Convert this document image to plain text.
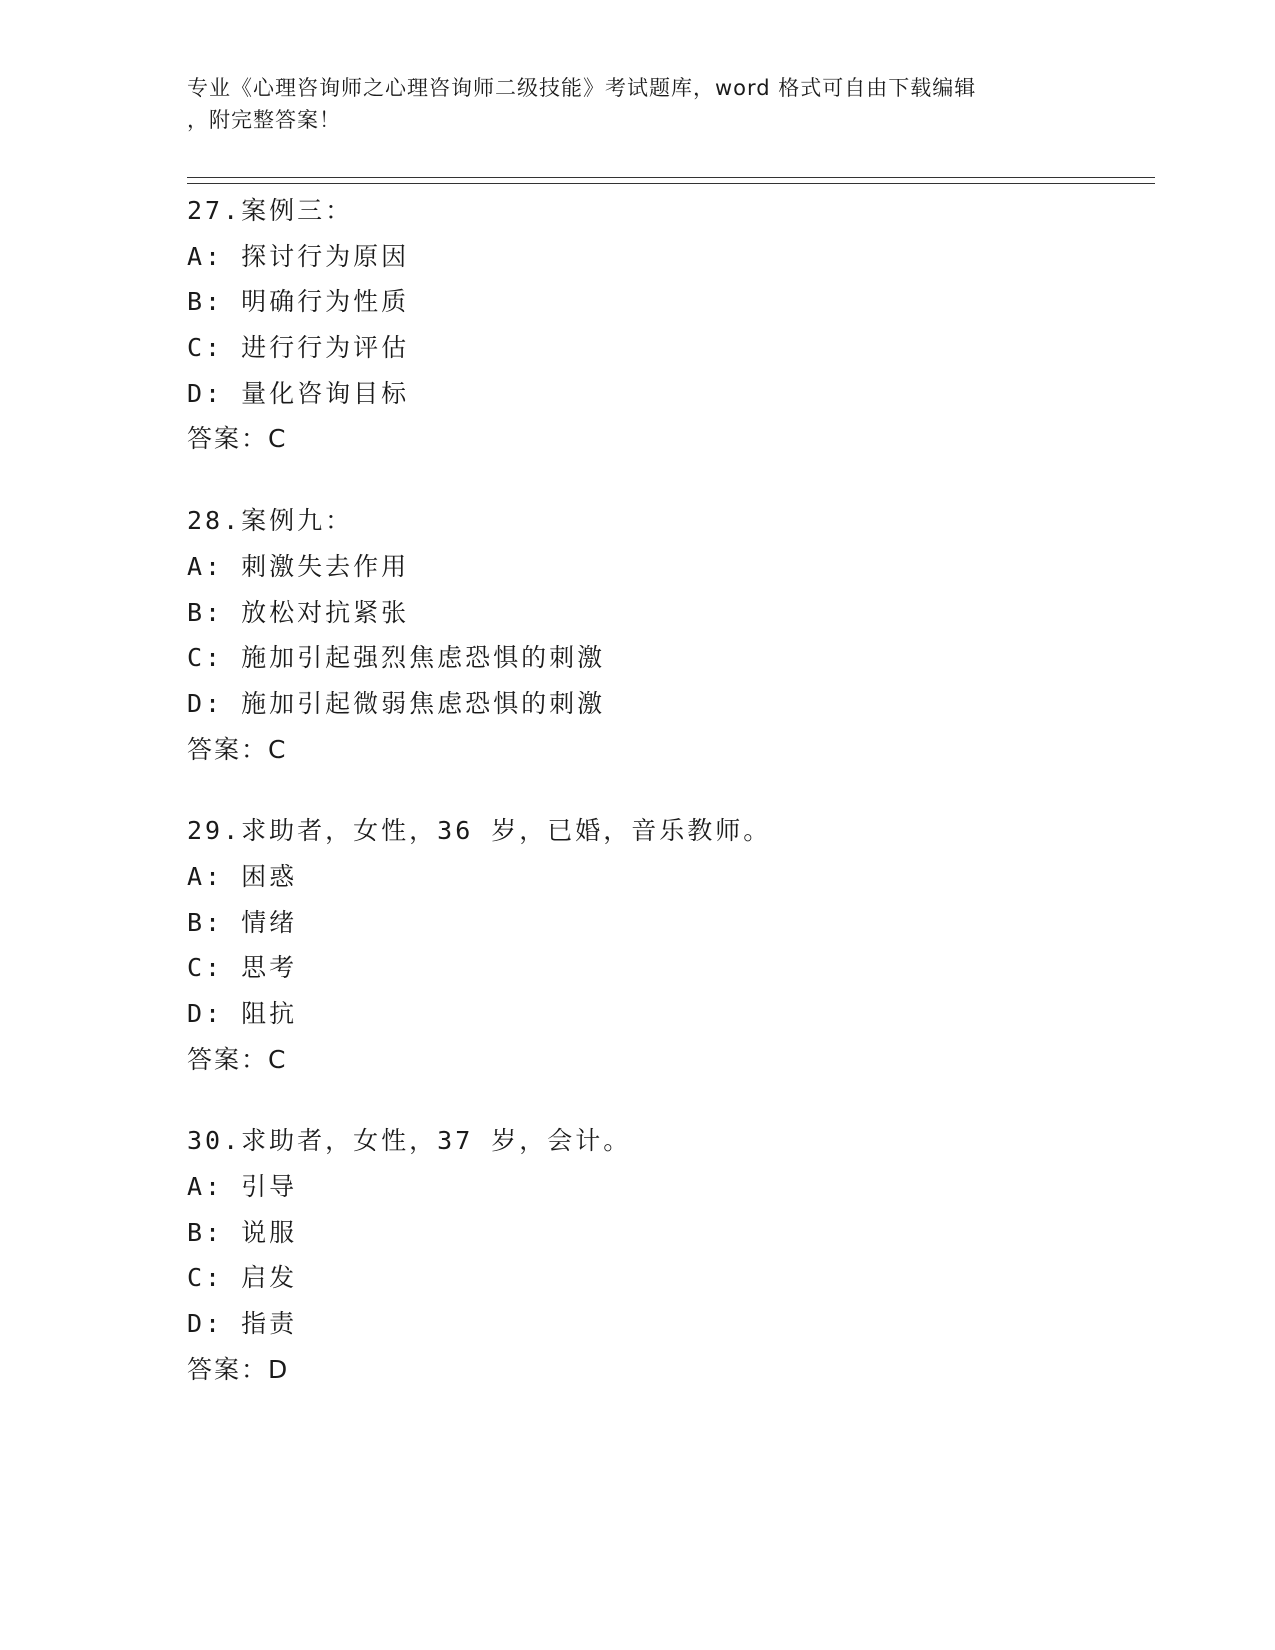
专业《心理咨询师之心理咨询师二级技能》考试题库，word 格式可自由下载编辑
，附完整答案！
27.案例三：
A: 探讨行为原因
B: 明确行为性质
C: 进行行为评估
D: 量化咨询目标
答案：C
28.案例九：
A: 刺激失去作用
B: 放松对抗紧张
C: 施加引起强烈焦虑恐惧的刺激
D: 施加引起微弱焦虑恐惧的刺激
答案：C
29.求助者，女性，36 岁，已婚，音乐教师。
A: 困惑
B: 情绪
C: 思考
D: 阻抗
答案：C
30.求助者，女性，37 岁，会计。
A: 引导
B: 说服
C: 启发
D: 指责
答案：D
